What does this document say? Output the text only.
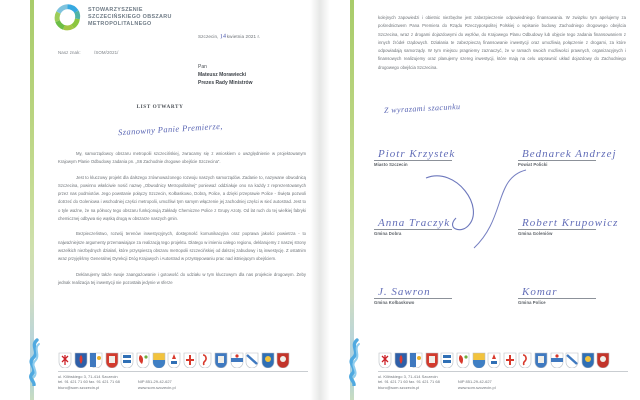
STOWARZYSZENIE
SZCZECIŃSKIEGO OBSZARU
METROPOLITALNEGO
Szczecin,14kwietnia 2021 r.
Nasz znak:	/SOM/2021/
Pan
Mateusz Morawiecki
Prezes Rady Ministrów
LIST OTWARTY
Szanowny Panie Premierze,

My, samorządowcy obszaru metropolii szczecińskiej, zwracamy się z wnioskiem o uwzględnienie w projektowanym Krajowym Planie Odbudowy zadania pn. „S6 Zachodnie drogowe obejście Szczecina”.

Jest to kluczowy projekt dla dalszego zrównoważonego rozwoju naszych samorządów. Zadanie to, nazywane obwodnicą Szczecina, powinno właściwie nosić nazwę „Obwodnicy Metropolitalnej” ponieważ oddziałuje ono na każdy z reprezentowanych przez nas podmiotów. Jego powstanie połączy Szczecin, Kołbaskowo, Dobrą, Police, a dzięki przeprawie Police - Święta pozwoli dotrzeć do Goleniowa i wschodniej części metropolii, umożliwi tym samym włączenie jej zachodniej części w sieć autostrad. Jest to o tyle ważne, że na północy tego obszaru funkcjonują Zakłady Chemiczne Police z Grupy Azoty. Od lat ruch do tej wielkiej fabryki chemicznej odbywa się wąską drogą w obszarze naszych gmin.

Bezpieczeństwo, rozwój terenów inwestycyjnych, dostępność komunikacyjna oraz poprawa jakości powietrza - to najważniejsze argumenty przemawiające za realizacją tego projektu. Dlatego w imieniu całego regionu, deklarujemy z naszej strony wszelkich niezbędnych działań, które przyspieszą obszaru metropolii szczecińskiej od dalszej zabudowy i tą inwestycję. Z ostatnim wraz przyjęliśmy Generalnej Dyrekcji Dróg Krajowych i Autostrad w przystępowaniu prac nad istniejącym obejściem.

Deklarujemy także swoje zaangażowanie i gotowość do udziału w tym kluczowym dla nas projekcie drogowym. Żeby jednak realizacja tej inwestycji nie pozostała jedynie w sferze

ul. Kilińskiego 3, 71-414 Szczecin
tel. 91 421 71 60 fax. 91 421 71 68
biuro@som.szczecin.pl

NIP 851-29-42-627
www.som.szczecin.pl

kolejnych zapowiedzi i obietnic niezbędne jest zabezpieczenie odpowiedniego finansowania. W związku tym apelujemy za pośrednictwem Pana Premiera do Rządu Rzeczypospolitej Polskiej o wpisanie budowy Zachodniego drogowego obejścia Szczecina, wraz z drogami dojazdowymi do węzłów, do Krajowego Planu Odbudowy lub objęcie tego zadania finansowaniem z innych źródeł rządowych. Działania te zabezpieczą finansowanie inwestycji oraz umożliwią połączenie z drogami, za które odpowiadają samorządy. W tym miejscu pragniemy zaznaczyć, że w ramach swoich możliwości prawnych, organizacyjnych i finansowych realizujemy oraz planujemy szereg inwestycji, które mają na celu usprawnić układ dojazdowy do Zachodniego drogowego obejścia Szczecina.

Z wyrazami szacunku
Piotr Krzystek
Miasto Szczecin
Bednarek Andrzej
Powiat Policki
Anna Traczyk
Gmina Dobra
Robert Krupowicz
Gmina Goleniów
J. Sawron
Gmina Kołbaskowo
Komar
Gmina Police
ul. Kilińskiego 3, 71-414 Szczecin
tel. 91 421 71 60 fax. 91 421 71 68
biuro@som.szczecin.pl

NIP 851-29-42-627
www.som.szczecin.pl
